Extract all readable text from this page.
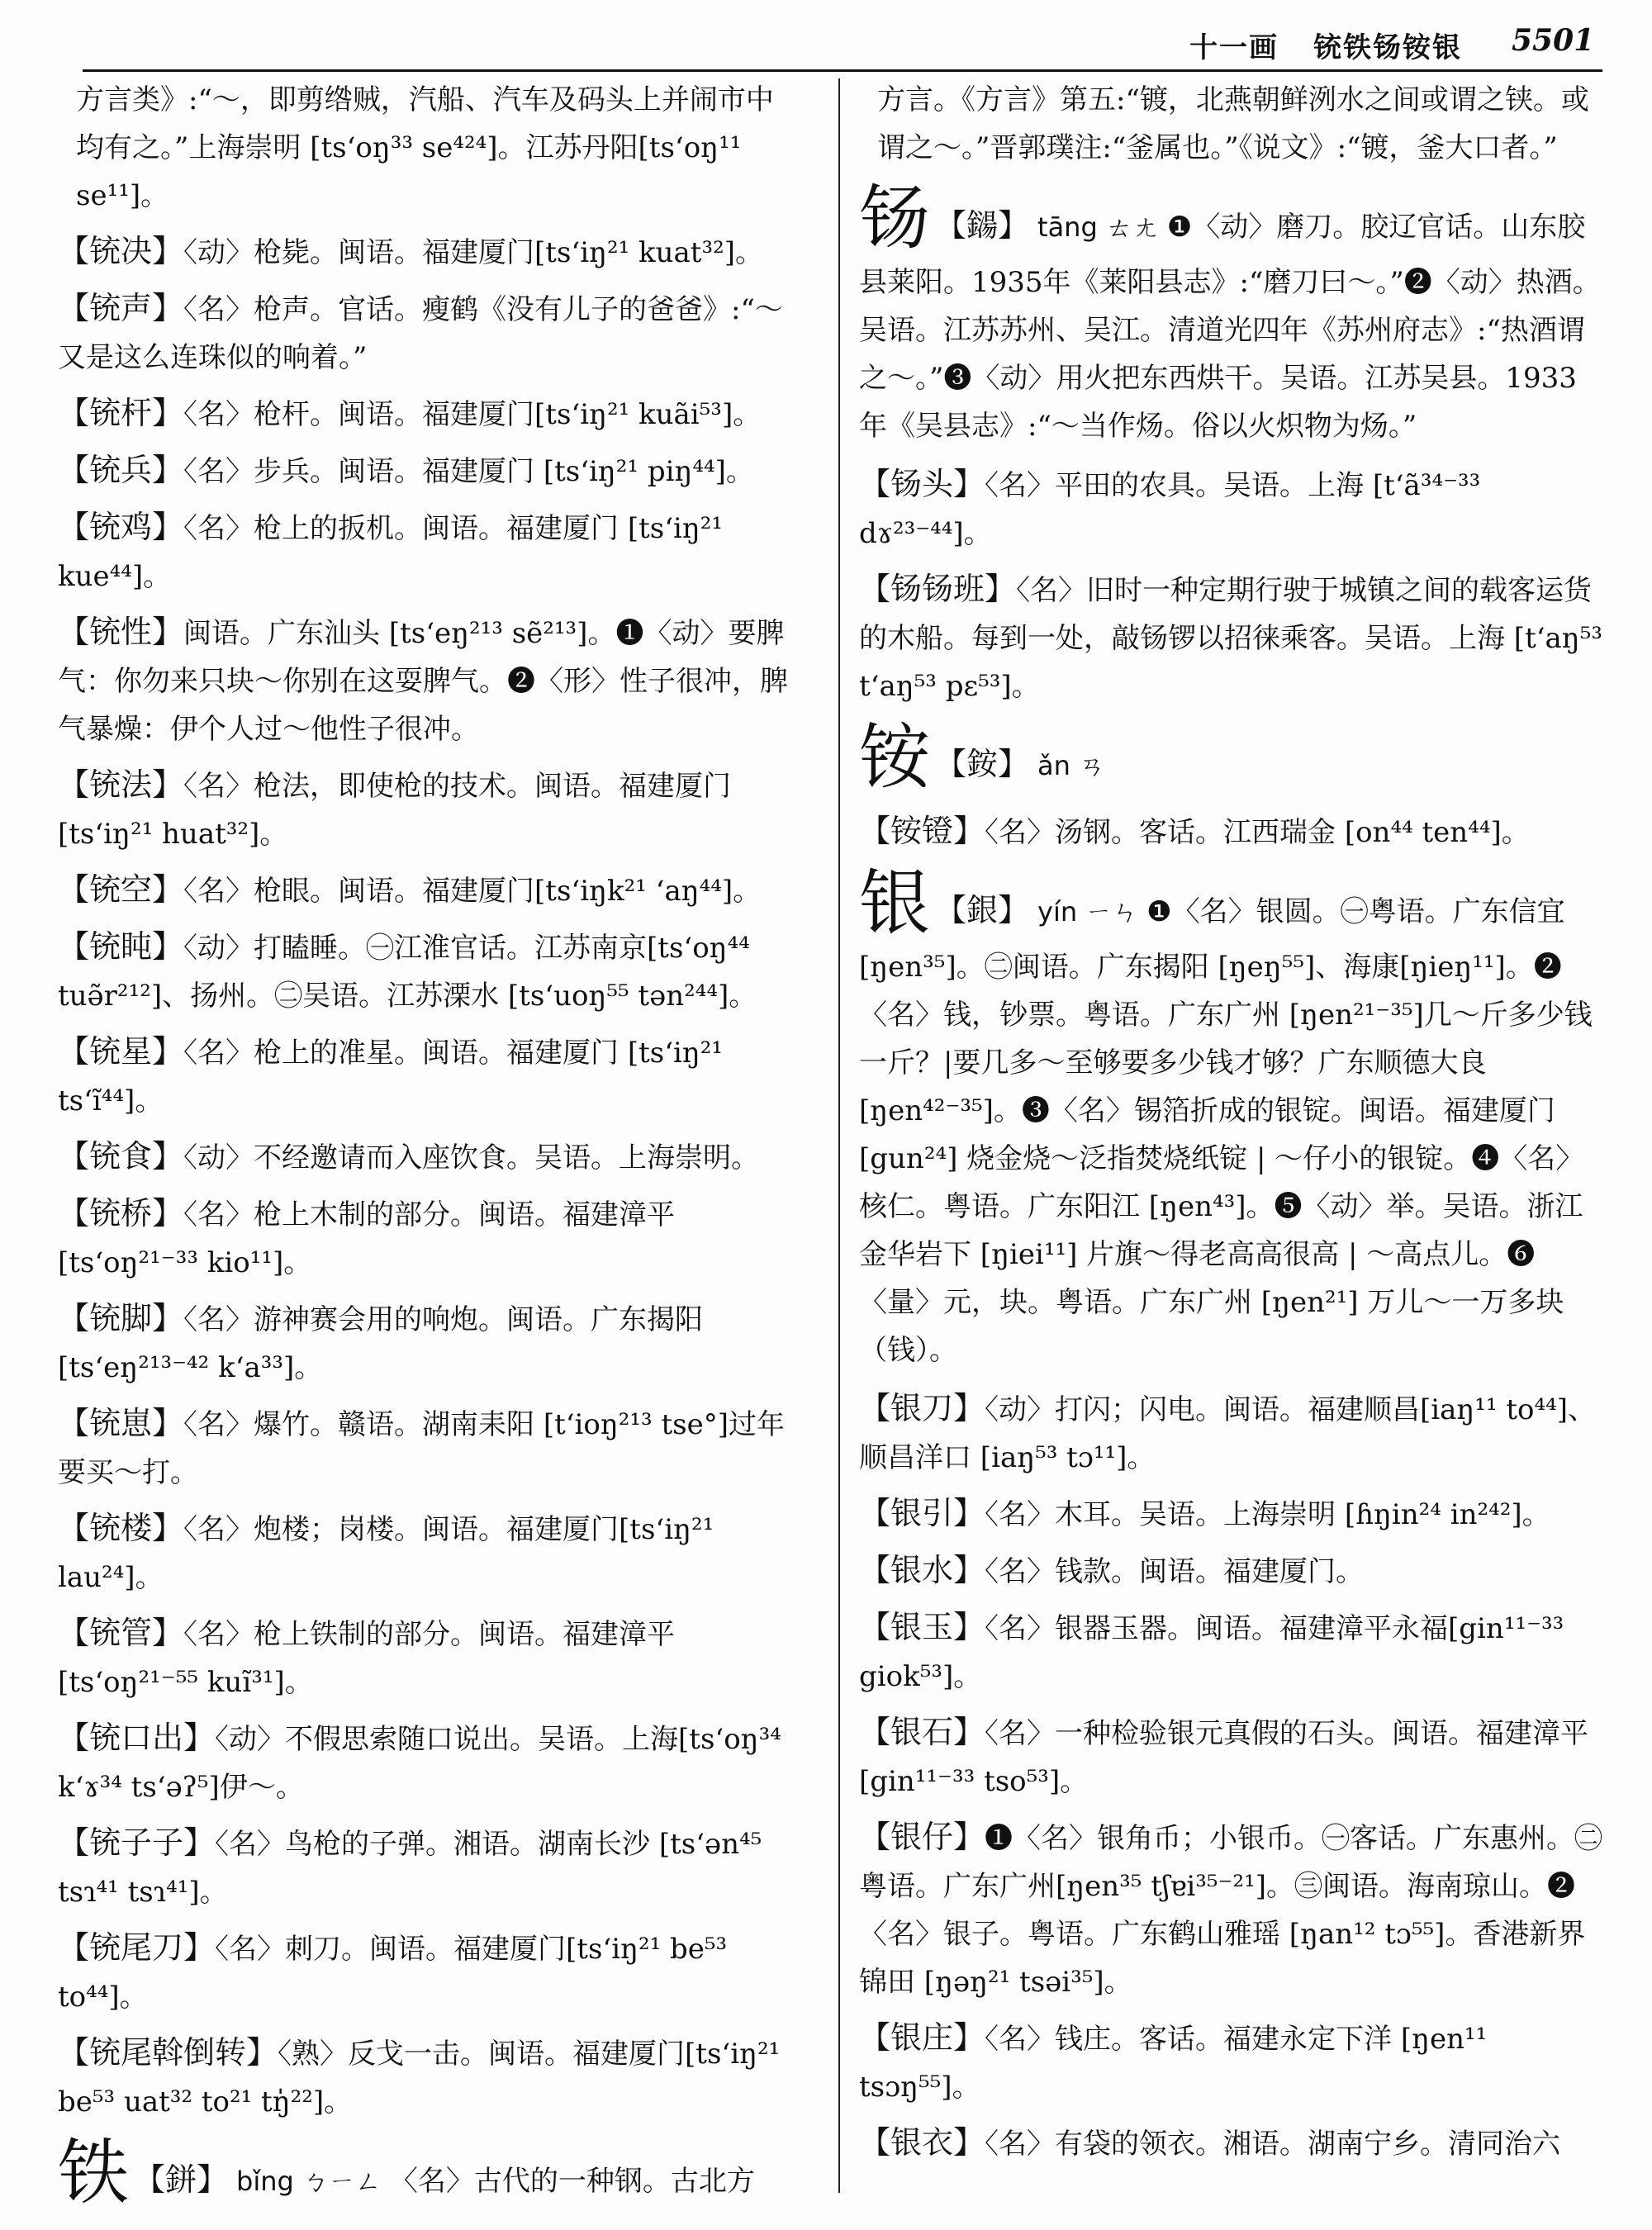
十一画 铳铁钖铵银 5501
方言类》:“～，即剪绺贼，汽船、汽车及码头上并闹市中均有之。”上海崇明 [tsʻoŋ³³ se⁴²⁴]。江苏丹阳[tsʻoŋ¹¹ se¹¹]。
【铳决】〈动〉枪毙。闽语。福建厦门[tsʻiŋ²¹ kuat³²]。
【铳声】〈名〉枪声。官话。瘦鹤《没有儿子的爸爸》:“～又是这么连珠似的响着。”
【铳杆】〈名〉枪杆。闽语。福建厦门[tsʻiŋ²¹ kuãi⁵³]。
【铳兵】〈名〉步兵。闽语。福建厦门 [tsʻiŋ²¹ piŋ⁴⁴]。
【铳鸡】〈名〉枪上的扳机。闽语。福建厦门 [tsʻiŋ²¹ kue⁴⁴]。
【铳性】闽语。广东汕头 [tsʻeŋ²¹³ sẽ²¹³]。❶〈动〉要脾气：你勿来只块～你别在这耍脾气。❷〈形〉性子很冲，脾气暴燥：伊个人过～他性子很冲。
【铳法】〈名〉枪法，即使枪的技术。闽语。福建厦门[tsʻiŋ²¹ huat³²]。
【铳空】〈名〉枪眼。闽语。福建厦门[tsʻiŋk²¹ ʻaŋ⁴⁴]。
【铳盹】〈动〉打瞌睡。㊀江淮官话。江苏南京[tsʻoŋ⁴⁴ tuə̃r²¹²]、扬州。㊁吴语。江苏溧水 [tsʻuoŋ⁵⁵ tən²⁴⁴]。
【铳星】〈名〉枪上的准星。闽语。福建厦门 [tsʻiŋ²¹ tsʻĩ⁴⁴]。
【铳食】〈动〉不经邀请而入座饮食。吴语。上海崇明。
【铳桥】〈名〉枪上木制的部分。闽语。福建漳平[tsʻoŋ²¹⁻³³ kio¹¹]。
【铳脚】〈名〉游神赛会用的响炮。闽语。广东揭阳[tsʻeŋ²¹³⁻⁴² kʻa³³]。
【铳崽】〈名〉爆竹。赣语。湖南耒阳 [tʻioŋ²¹³ tse°]过年要买～打。
【铳楼】〈名〉炮楼；岗楼。闽语。福建厦门[tsʻiŋ²¹ lau²⁴]。
【铳管】〈名〉枪上铁制的部分。闽语。福建漳平[tsʻoŋ²¹⁻⁵⁵ kuĩ³¹]。
【铳口出】〈动〉不假思索随口说出。吴语。上海[tsʻoŋ³⁴ kʻɤ³⁴ tsʻəʔ⁵]伊～。
【铳子子】〈名〉鸟枪的子弹。湘语。湖南长沙 [tsʻən⁴⁵ tsɿ⁴¹ tsɿ⁴¹]。
【铳尾刀】〈名〉刺刀。闽语。福建厦门[tsʻiŋ²¹ be⁵³ to⁴⁴]。
【铳尾斡倒转】〈熟〉反戈一击。闽语。福建厦门[tsʻiŋ²¹ be⁵³ uat³² to²¹ tŋ̍²²]。
铁 【鉼】 bǐng ㄅㄧㄥ 〈名〉古代的一种钢。古北方
方言。《方言》第五:“镀，北燕朝鲜洌水之间或谓之铗。或谓之～。”晋郭璞注:“釜属也。”《说文》:“镀，釜大口者。”
钖 【鐋】 tāng ㄊㄤ ❶〈动〉磨刀。胶辽官话。山东胶县莱阳。1935年《莱阳县志》:“磨刀曰～。”❷〈动〉热酒。吴语。江苏苏州、吴江。清道光四年《苏州府志》:“热酒谓之～。”❸〈动〉用火把东西烘干。吴语。江苏吴县。1933年《吴县志》:“～当作炀。俗以火炽物为炀。”
【钖头】〈名〉平田的农具。吴语。上海 [tʻã³⁴⁻³³ dɤ²³⁻⁴⁴]。
【钖钖班】〈名〉旧时一种定期行驶于城镇之间的载客运货的木船。每到一处，敲钖锣以招徕乘客。吴语。上海 [tʻaŋ⁵³ tʻaŋ⁵³ pɛ⁵³]。
铵 【銨】 ǎn ㄢ
【铵镫】〈名〉汤钢。客话。江西瑞金 [on⁴⁴ ten⁴⁴]。
银 【銀】 yín ㄧㄣ ❶〈名〉银圆。㊀粤语。广东信宜 [ŋen³⁵]。㊁闽语。广东揭阳 [ŋeŋ⁵⁵]、海康[ŋieŋ¹¹]。❷〈名〉钱，钞票。粤语。广东广州 [ŋen²¹⁻³⁵]几～斤多少钱一斤？|要几多～至够要多少钱才够？广东顺德大良 [ŋen⁴²⁻³⁵]。❸〈名〉锡箔折成的银锭。闽语。福建厦门 [gun²⁴] 烧金烧～泛指焚烧纸锭 | ～仔小的银锭。❹〈名〉核仁。粤语。广东阳江 [ŋen⁴³]。❺〈动〉举。吴语。浙江金华岩下 [ŋiei¹¹] 片旗～得老高高很高 | ～高点儿。❻〈量〉元，块。粤语。广东广州 [ŋen²¹] 万儿～一万多块（钱）。
【银刀】〈动〉打闪；闪电。闽语。福建顺昌[iaŋ¹¹ to⁴⁴]、顺昌洋口 [iaŋ⁵³ tɔ¹¹]。
【银引】〈名〉木耳。吴语。上海崇明 [ɦŋin²⁴ in²⁴²]。
【银水】〈名〉钱款。闽语。福建厦门。
【银玉】〈名〉银器玉器。闽语。福建漳平永福[gin¹¹⁻³³ giok⁵³]。
【银石】〈名〉一种检验银元真假的石头。闽语。福建漳平 [gin¹¹⁻³³ tso⁵³]。
【银仔】❶〈名〉银角币；小银币。㊀客话。广东惠州。㊁粤语。广东广州[ŋen³⁵ tʃɐi³⁵⁻²¹]。㊂闽语。海南琼山。❷〈名〉银子。粤语。广东鹤山雅瑶 [ŋan¹² tɔ⁵⁵]。香港新界锦田 [ŋəŋ²¹ tsəi³⁵]。
【银庄】〈名〉钱庄。客话。福建永定下洋 [ŋen¹¹ tsɔŋ⁵⁵]。
【银衣】〈名〉有袋的领衣。湘语。湖南宁乡。清同治六
